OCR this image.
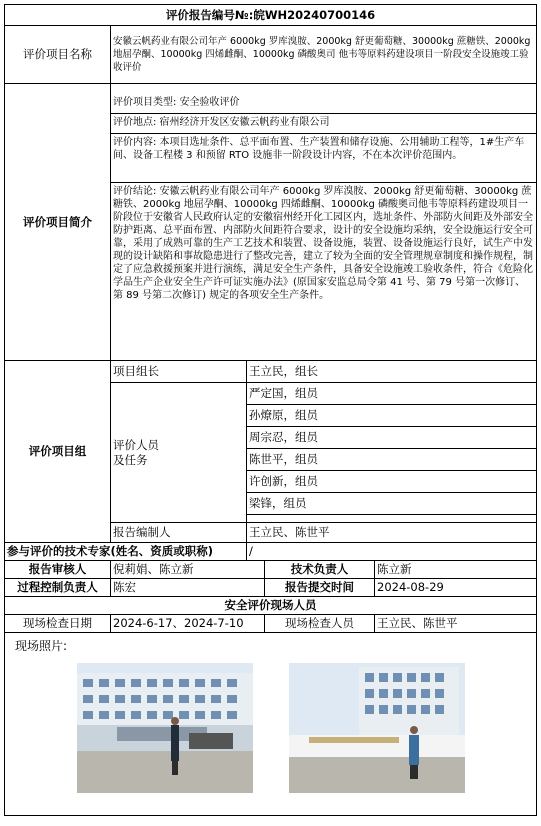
评价报告编号№:皖WH20240700146
评价项目名称	安徽云帆药业有限公司年产 6000kg 罗库溴胺、2000kg 舒更葡萄糖、30000kg 蔗糖铁、2000kg 地屈孕酮、10000kg 四烯雌酮、10000kg 磷酸奥司 他韦等原料药建设项目一阶段安全设施竣工验收评价
评价项目简介	
评价项目类型: 安全验收评价
评价地点: 宿州经济开发区安徽云帆药业有限公司
评价内容: 本项目选址条件、总平面布置、生产装置和储存设施、公用辅助工程等，1#生产车间、设备工程楼 3 和预留 RTO 设施非一阶段设计内容，不在本次评价范围内。
评价结论: 安徽云帆药业有限公司年产 6000kg 罗库溴胺、2000kg 舒更葡萄糖、30000kg 蔗糖铁、2000kg 地屈孕酮、10000kg 四烯雌酮、10000kg 磷酸奥司他韦等原料药建设项目一阶段位于安徽省人民政府认定的安徽宿州经开化工园区内，选址条件、外部防火间距及外部安全防护距离、总平面布置、内部防火间距符合要求，设计的安全设施均采纳，安全设施运行安全可靠，采用了成熟可靠的生产工艺技术和装置、设备设施，装置、设备设施运行良好，试生产中发现的设计缺陷和事故隐患进行了整改完善，建立了较为全面的安全管理规章制度和操作规程，制定了应急救援预案并进行演练，满足安全生产条件，具备安全设施竣工验收条件，符合《危险化学品生产企业安全生产许可证实施办法》(原国家安监总局令第 41 号、第 79 号第一次修订、第 89 号第二次修订) 规定的各项安全生产条件。

评价项目组	项目组长	王立民，组长
评价人员
及任务	严定国，组员
孙燎原，组员
周宗忍，组员
陈世平，组员
许创新，组员
梁锋，组员

报告编制人	王立民、陈世平
参与评价的技术专家(姓名、资质或职称)	/
报告审核人	倪莉娟、陈立新	技术负责人	陈立新
过程控制负责人	陈宏	报告提交时间	2024-08-29
安全评价现场人员
现场检查日期	2024-6-17、2024-7-10	现场检查人员	王立民、陈世平

现场照片:
